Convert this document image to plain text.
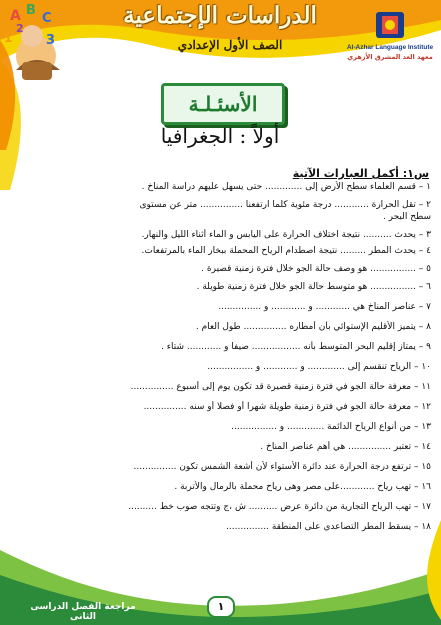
A B
C
1	3
2	الدراسات الإجتماعية
الصف الأول الإعدادي	Al-Azhar Language Institute
معهد العد المشرق الأزهري
الأسئـلـة
أولاً : الجغرافيا
س۱: أكمل العبارات الآتية
۱ – قسم العلماء سطح الأرض إلى ............. حتى يسهل عليهم دراسة المناخ .
۲ – تقل الحرارة ............ درجة مئوية كلما ارتفعنا ............... متر عن مستوى
سطح البحر .
۳ – يحدث .......... نتيجة اختلاف الحرارة على اليابس و الماء أثناء الليل والنهار.
٤ – يحدث المطر ......... نتيجة اصطدام الرياح المحملة ببخار الماء بالمرتفعات.
٥ – ................ هو وصف حالة الجو خلال فترة زمنية قصيرة .
٦ – ................ هو متوسط حالة الجو خلال فترة زمنية طويلة .
٧ – عناصر المناخ هي ............ و ............ و ...............
٨ – يتميز الأقليم الإستوائي بأن أمطاره ............... طول العام .
٩ – يمتاز إقليم البحر المتوسط بأنه ................. صيفا و ............ شتاء .
۱۰ – الرياح تنقسم إلى ............. و ............ و ................
۱۱ – معرفة حالة الجو في فترة زمنية قصيرة قد تكون يوم إلى أسبوع ...............
۱۲ – معرفة حالة الجو في فترة زمنية طويلة شهرا أو فصلا أو سنه ...............
۱۳ – من أنواع الرياح الدائمة ............. و ................
۱٤ – تعتبر ............... هي أهم عناصر المناخ .
۱٥ – ترتفع درجة الحرارة عند دائرة الأستواء لأن أشعة الشمس تكون ...............
۱٦ – تهب رياح ............على مصر وهى رياح محملة بالرمال والأتربة .
۱۷ – تهب الرياح التجارية من دائرة عرض .......... ش ،ج وتتجه صوب خط ..........
۱۸ – يسقط المطر التصاعدي على المنطقة ...............
مراجعة الفصل الدراسى الثانى
۱
